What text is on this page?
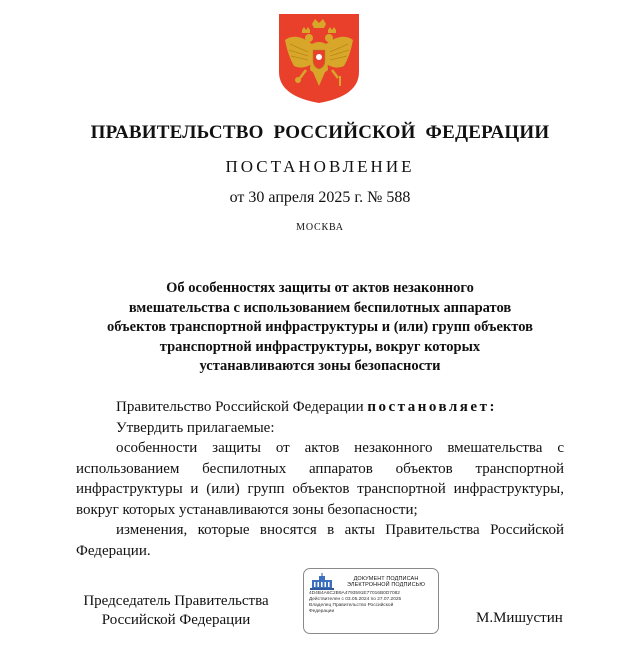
ПРАВИТЕЛЬСТВО РОССИЙСКОЙ ФЕДЕРАЦИИ
ПОСТАНОВЛЕНИЕ
от 30 апреля 2025 г. № 588
МОСКВА
Об особенностях защиты от актов незаконного
вмешательства с использованием беспилотных аппаратов
объектов транспортной инфраструктуры и (или) групп объектов
транспортной инфраструктуры, вокруг которых
устанавливаются зоны безопасности

Правительство Российской Федерации постановляет:

Утвердить прилагаемые:

особенности защиты от актов незаконного вмешательства с использованием беспилотных аппаратов объектов транспортной инфраструктуры и (или) групп объектов транспортной инфраструктуры, вокруг которых устанавливаются зоны безопасности;

изменения, которые вносятся в акты Правительства Российской Федерации.

Председатель Правительства
Российской Федерации
ДОКУМЕНТ ПОДПИСАН
ЭЛЕКТРОННОЙ ПОДПИСЬЮ
4D4B4A6C2B9A4793591E77016B0D7082
Действителен с 03.05.2024 по 27.07.2025
Владелец Правительство Российской
Федерации	М.Мишустин
